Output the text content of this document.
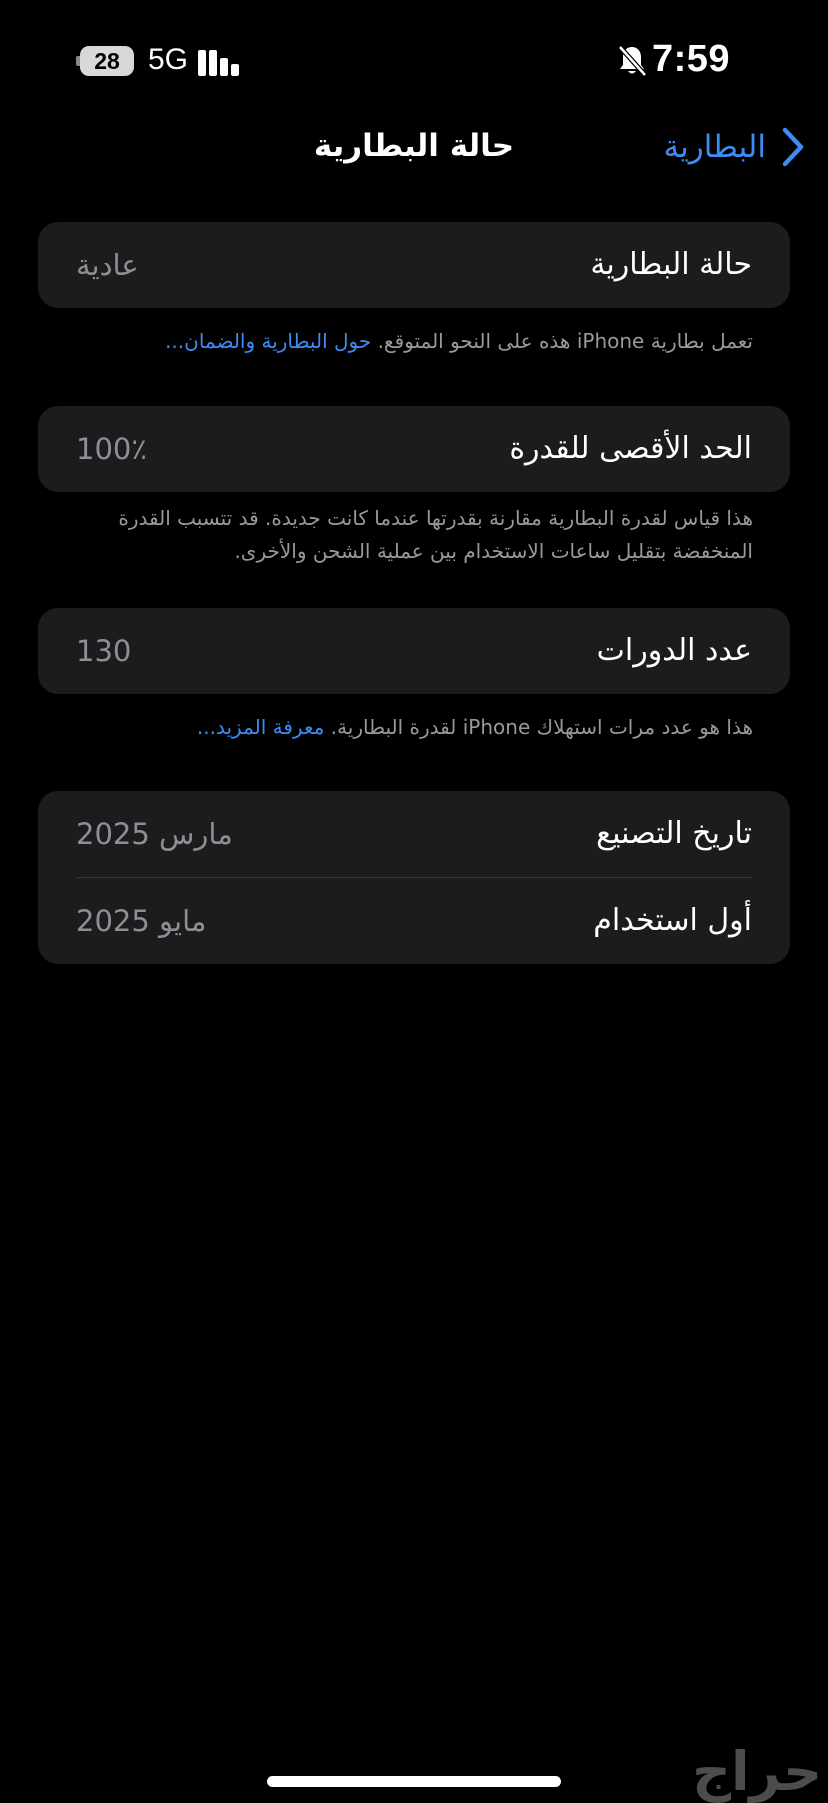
28 5G	7:59
حالة البطارية	البطارية
حالة البطارية
عادية
تعمل بطارية iPhone هذه على النحو المتوقع. حول البطارية والضمان...
الحد الأقصى للقدرة
100٪
هذا قياس لقدرة البطارية مقارنة بقدرتها عندما كانت جديدة. قد تتسبب القدرة المنخفضة بتقليل ساعات الاستخدام بين عملية الشحن والأخرى.
عدد الدورات
130
هذا هو عدد مرات استهلاك iPhone لقدرة البطارية. معرفة المزيد...
تاريخ التصنيع
مارس 2025
أول استخدام
مايو 2025
حراج
